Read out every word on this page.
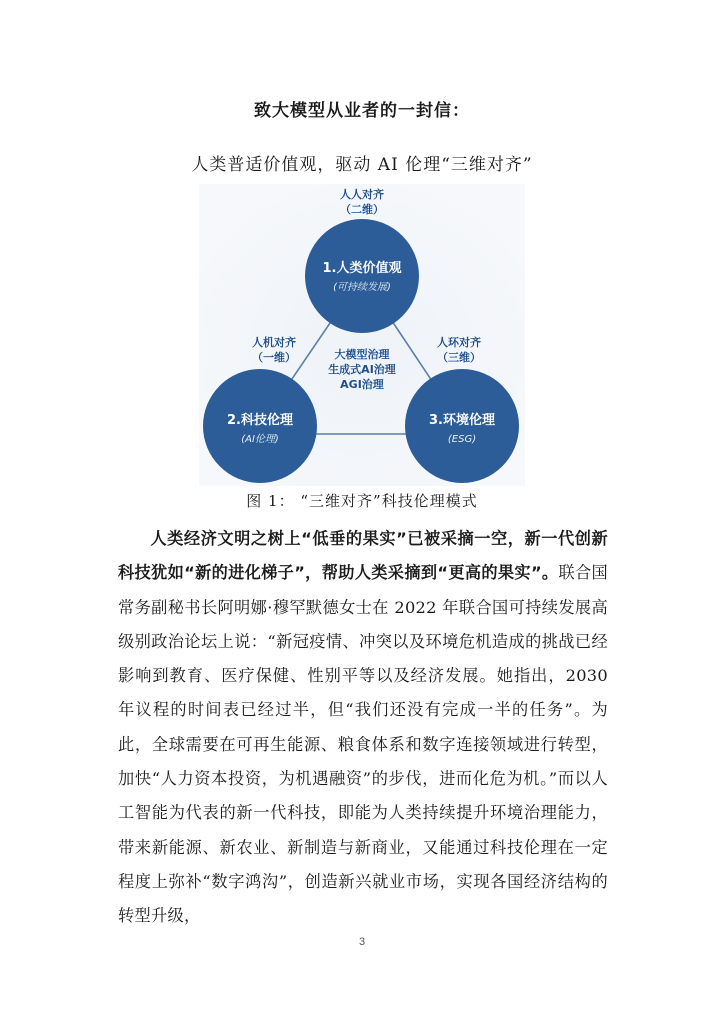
致大模型从业者的一封信：
人类普适价值观，驱动 AI 伦理“三维对齐”
人人对齐
（二维）
1.人类价值观
(可持续发展)
人机对齐
（一维）
人环对齐
（三维）
大模型治理
生成式AI治理
AGI治理
2.科技伦理
(AI伦理)
3.环境伦理
(ESG)
图 1： “三维对齐”科技伦理模式

人类经济文明之树上“低垂的果实”已被采摘一空，新一代创新科技犹如“新的进化梯子”，帮助人类采摘到“更高的果实”。联合国常务副秘书长阿明娜·穆罕默德女士在 2022 年联合国可持续发展高级别政治论坛上说：“新冠疫情、冲突以及环境危机造成的挑战已经影响到教育、医疗保健、性别平等以及经济发展。她指出，2030 年议程的时间表已经过半，但“我们还没有完成一半的任务”。为此，全球需要在可再生能源、粮食体系和数字连接领域进行转型，加快“人力资本投资，为机遇融资”的步伐，进而化危为机。”而以人工智能为代表的新一代科技，即能为人类持续提升环境治理能力，带来新能源、新农业、新制造与新商业，又能通过科技伦理在一定程度上弥补“数字鸿沟”，创造新兴就业市场，实现各国经济结构的转型升级，

3
